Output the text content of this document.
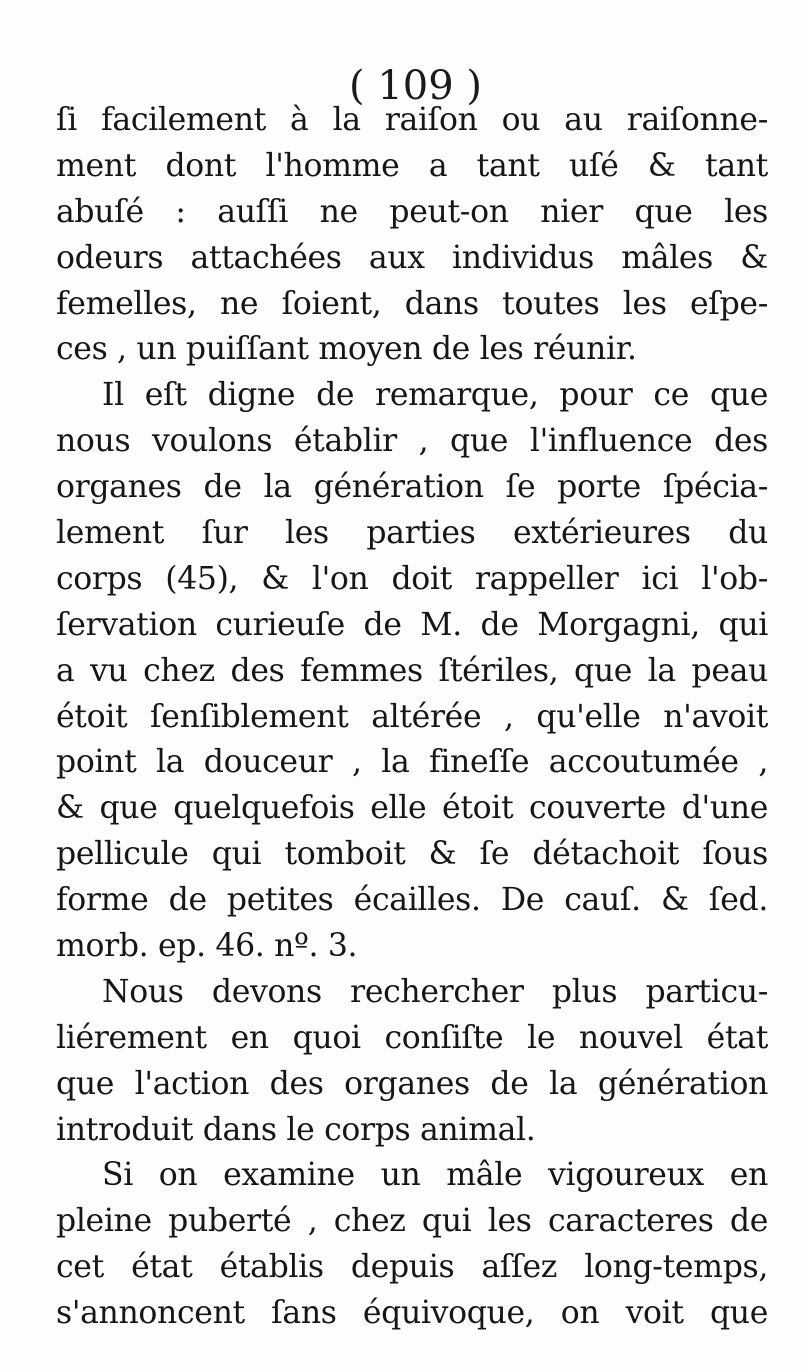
( 109 )
ſi facilement à la raiſon ou au raiſonne-
ment dont l'homme a tant uſé & tant
abuſé : auſſi ne peut-on nier que les
odeurs attachées aux individus mâles &
femelles, ne ſoient, dans toutes les eſpe-
ces , un puiſſant moyen de les réunir.
Il eſt digne de remarque, pour ce que
nous voulons établir , que l'influence des
organes de la génération ſe porte ſpécia-
lement ſur les parties extérieures du
corps (45), & l'on doit rappeller ici l'ob-
ſervation curieuſe de M. de Morgagni, qui
a vu chez des femmes ſtériles, que la peau
étoit ſenſiblement altérée , qu'elle n'avoit
point la douceur , la fineſſe accoutumée ,
& que quelquefois elle étoit couverte d'une
pellicule qui tomboit & ſe détachoit ſous
forme de petites écailles. De cauſ. & ſed.
morb. ep. 46. nº. 3.
Nous devons rechercher plus particu-
liérement en quoi conſiſte le nouvel état
que l'action des organes de la génération
introduit dans le corps animal.
Si on examine un mâle vigoureux en
pleine puberté , chez qui les caracteres de
cet état établis depuis aſſez long-temps,
s'annoncent ſans équivoque, on voit que
